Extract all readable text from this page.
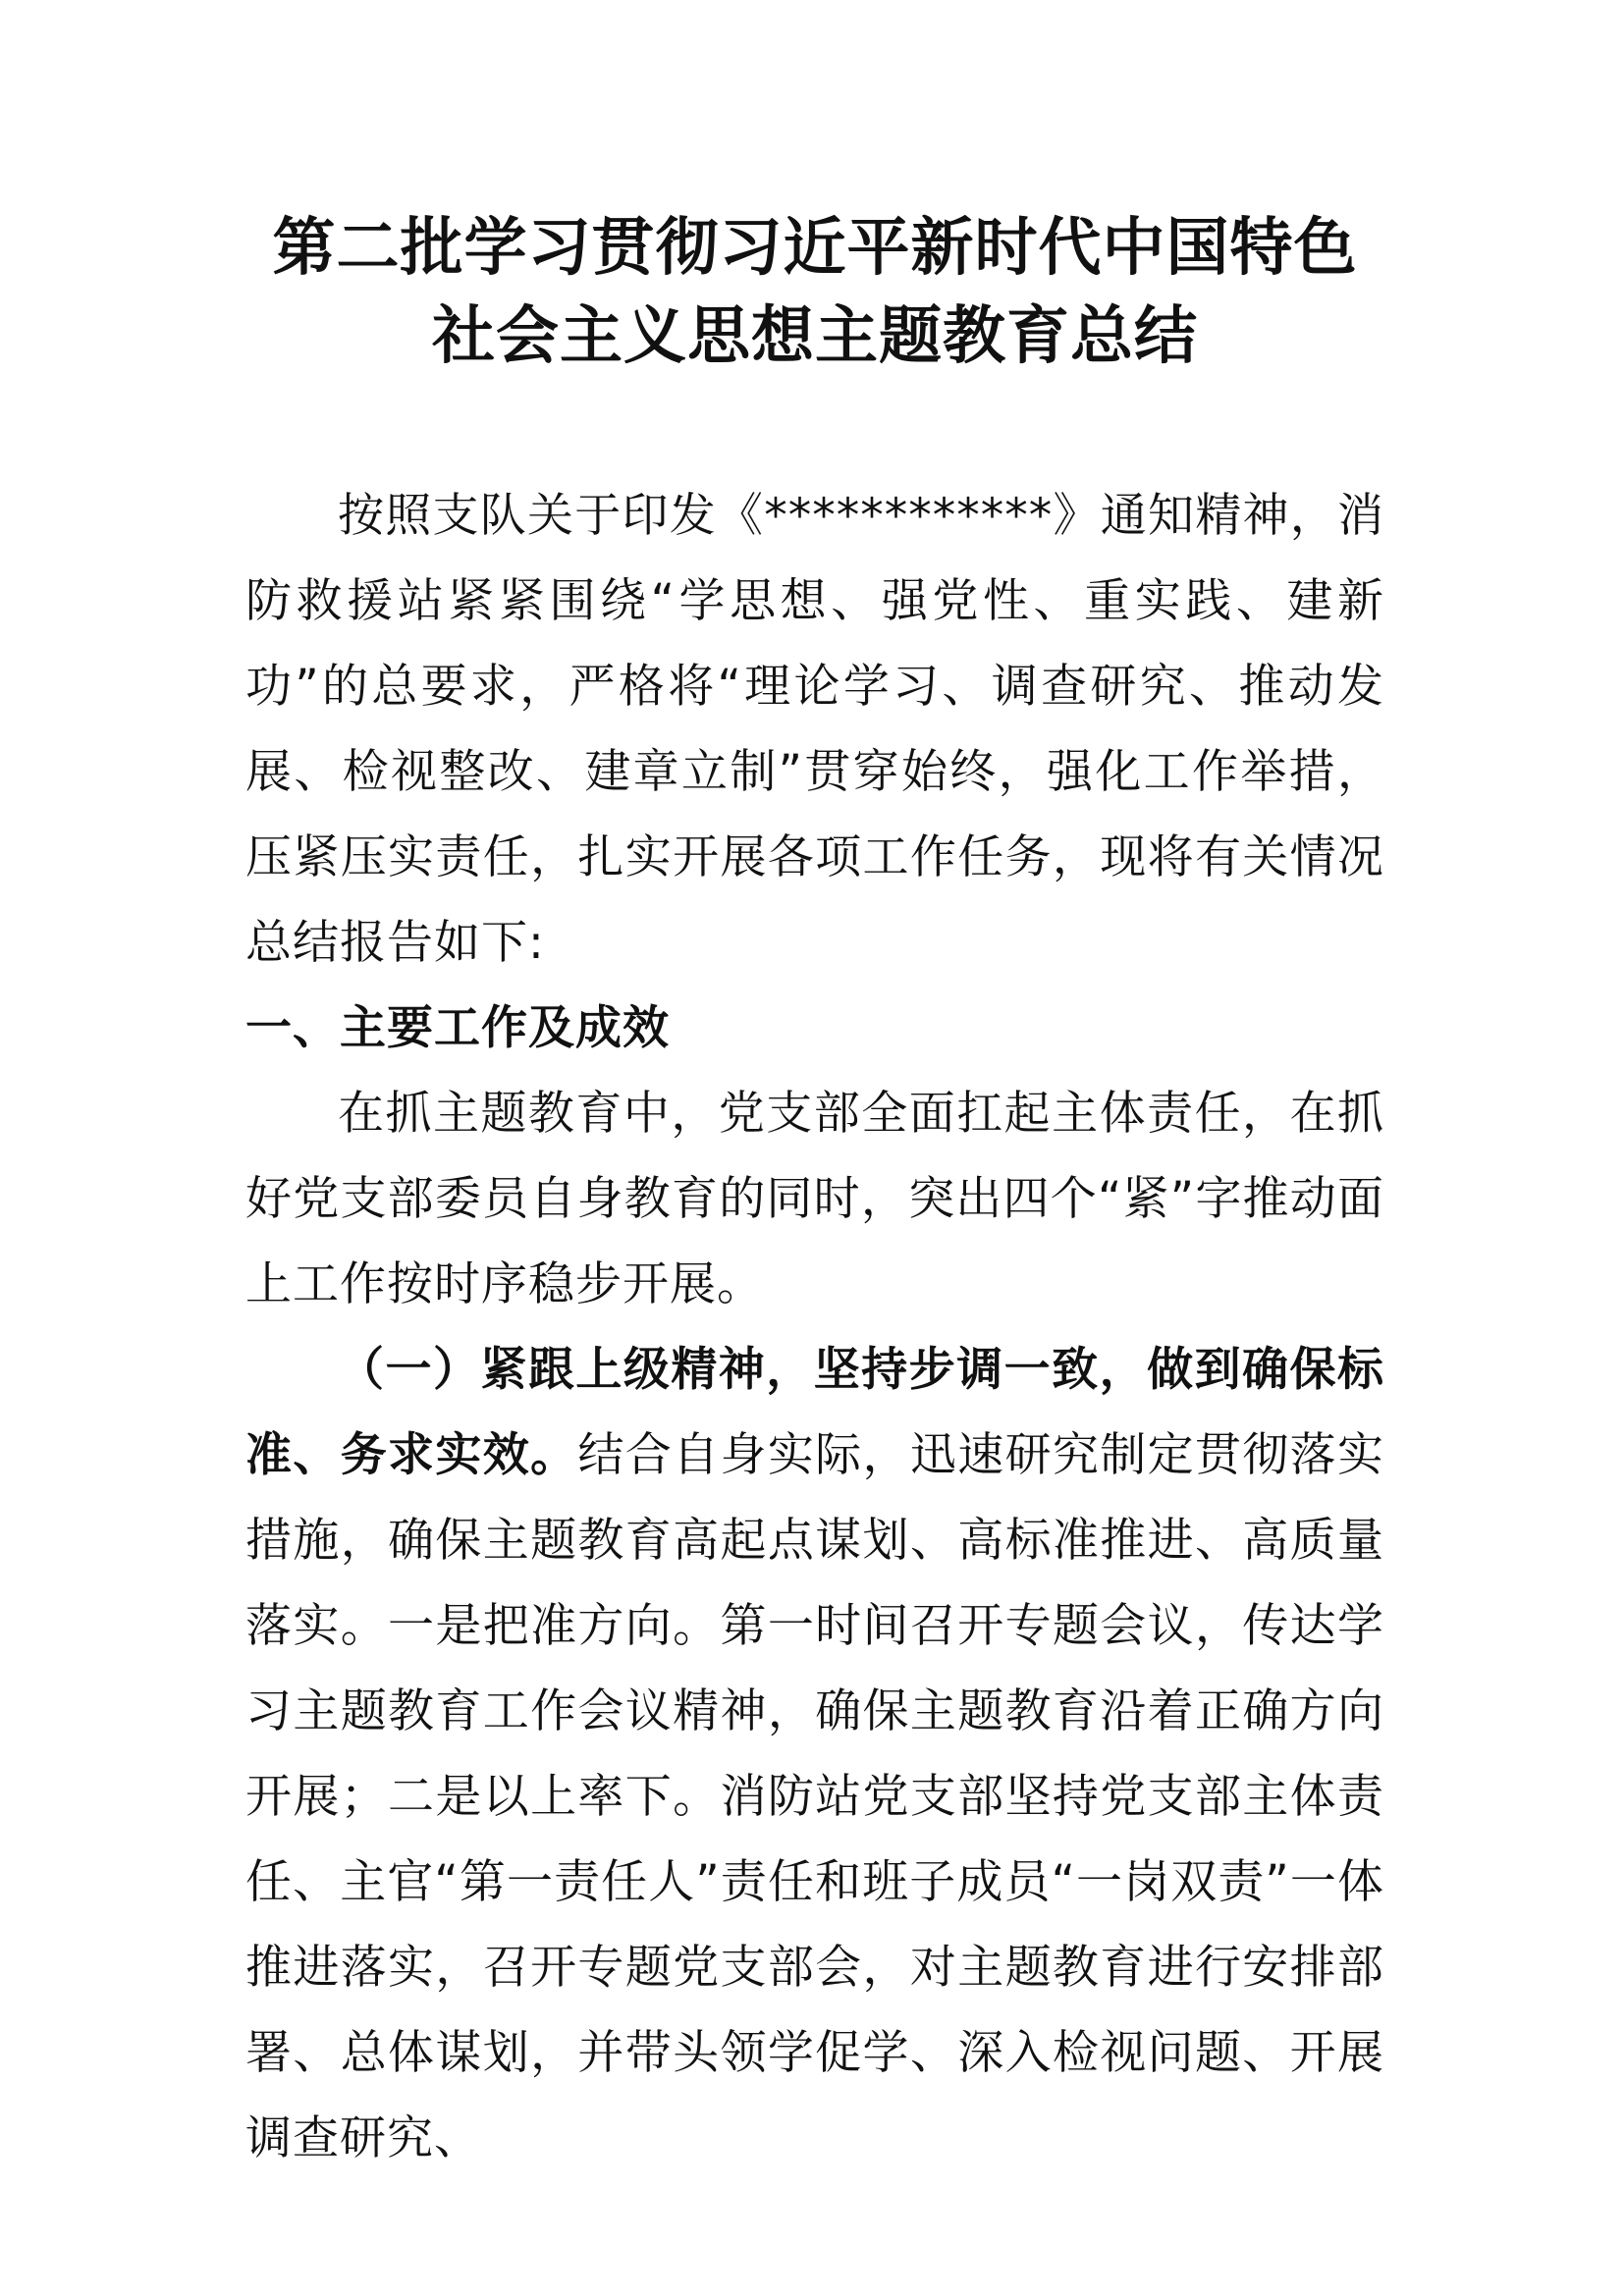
第二批学习贯彻习近平新时代中国特色
社会主义思想主题教育总结

按照支队关于印发《************》通知精神，消防救援站紧紧围绕“学思想、强党性、重实践、建新功”的总要求，严格将“理论学习、调查研究、推动发展、检视整改、建章立制”贯穿始终，强化工作举措，压紧压实责任，扎实开展各项工作任务，现将有关情况总结报告如下:

一、主要工作及成效

在抓主题教育中，党支部全面扛起主体责任，在抓好党支部委员自身教育的同时，突出四个“紧”字推动面上工作按时序稳步开展。

（一）紧跟上级精神，坚持步调一致，做到确保标准、务求实效。结合自身实际，迅速研究制定贯彻落实措施，确保主题教育高起点谋划、高标准推进、高质量落实。一是把准方向。第一时间召开专题会议，传达学习主题教育工作会议精神，确保主题教育沿着正确方向开展；二是以上率下。消防站党支部坚持党支部主体责任、主官“第一责任人”责任和班子成员“一岗双责”一体推进落实，召开专题党支部会，对主题教育进行安排部署、总体谋划，并带头领学促学、深入检视问题、开展调查研究、
